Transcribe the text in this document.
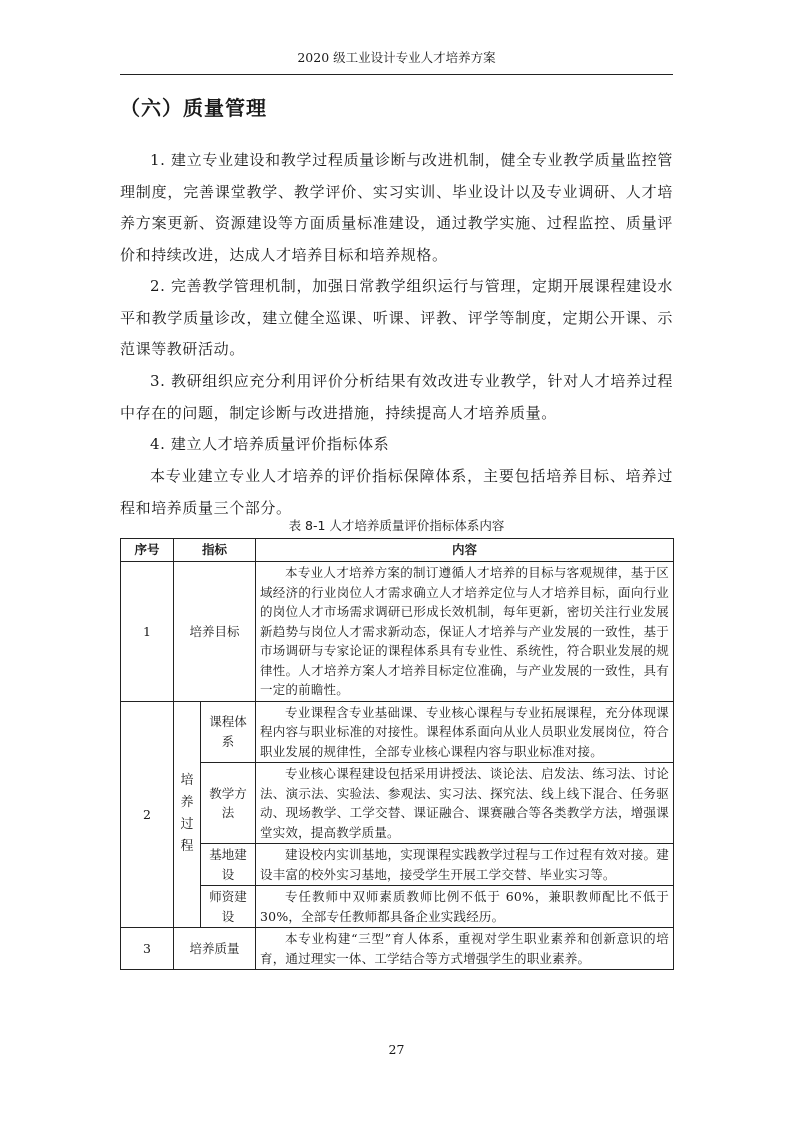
2020 级工业设计专业人才培养方案
（六）质量管理

1. 建立专业建设和教学过程质量诊断与改进机制，健全专业教学质量监控管理制度，完善课堂教学、教学评价、实习实训、毕业设计以及专业调研、人才培养方案更新、资源建设等方面质量标准建设，通过教学实施、过程监控、质量评价和持续改进，达成人才培养目标和培养规格。

2. 完善教学管理机制，加强日常教学组织运行与管理，定期开展课程建设水平和教学质量诊改，建立健全巡课、听课、评教、评学等制度，定期公开课、示范课等教研活动。

3. 教研组织应充分利用评价分析结果有效改进专业教学，针对人才培养过程中存在的问题，制定诊断与改进措施，持续提高人才培养质量。

4. 建立人才培养质量评价指标体系

本专业建立专业人才培养的评价指标保障体系，主要包括培养目标、培养过程和培养质量三个部分。

表 8-1 人才培养质量评价指标体系内容
序号	指标		内容
1	培养目标		本专业人才培养方案的制订遵循人才培养的目标与客观规律，基于区域经济的行业岗位人才需求确立人才培养定位与人才培养目标，面向行业的岗位人才市场需求调研已形成长效机制，每年更新，密切关注行业发展新趋势与岗位人才需求新动态，保证人才培养与产业发展的一致性，基于市场调研与专家论证的课程体系具有专业性、系统性，符合职业发展的规律性。人才培养方案人才培养目标定位准确，与产业发展的一致性，具有一定的前瞻性。
2	培养过程	课程体系	专业课程含专业基础课、专业核心课程与专业拓展课程，充分体现课程内容与职业标准的对接性。课程体系面向从业人员职业发展岗位，符合职业发展的规律性，全部专业核心课程内容与职业标准对接。
		教学方法	专业核心课程建设包括采用讲授法、谈论法、启发法、练习法、讨论法、演示法、实验法、参观法、实习法、探究法、线上线下混合、任务驱动、现场教学、工学交替、课证融合、课赛融合等各类教学方法，增强课堂实效，提高教学质量。
		基地建设	建设校内实训基地，实现课程实践教学过程与工作过程有效对接。建设丰富的校外实习基地，接受学生开展工学交替、毕业实习等。
		师资建设	专任教师中双师素质教师比例不低于 60%，兼职教师配比不低于 30%，全部专任教师都具备企业实践经历。
3	培养质量		本专业构建“三型”育人体系，重视对学生职业素养和创新意识的培育，通过理实一体、工学结合等方式增强学生的职业素养。
27
